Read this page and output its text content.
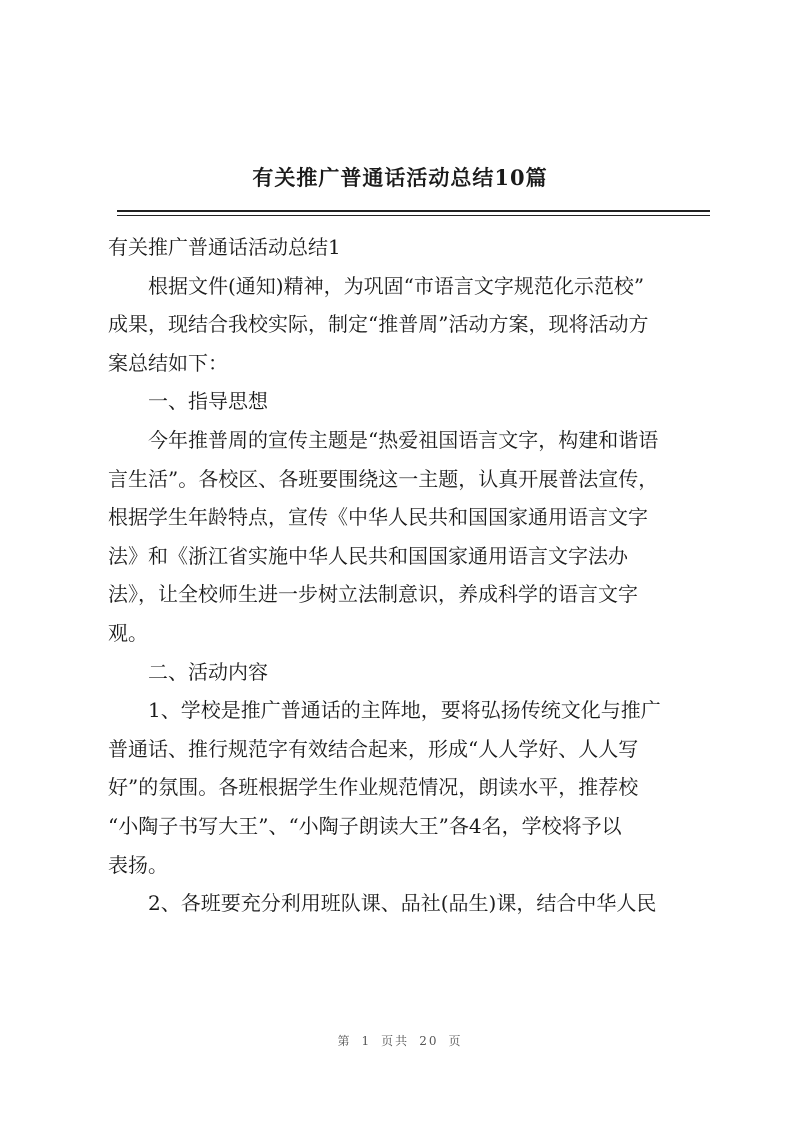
有关推广普通话活动总结10篇
有关推广普通话活动总结1
根据文件(通知)精神，为巩固“市语言文字规范化示范校”
成果，现结合我校实际，制定“推普周”活动方案，现将活动方
案总结如下：
一、指导思想
今年推普周的宣传主题是“热爱祖国语言文字，构建和谐语
言生活”。各校区、各班要围绕这一主题，认真开展普法宣传，
根据学生年龄特点，宣传《中华人民共和国国家通用语言文字
法》和《浙江省实施中华人民共和国国家通用语言文字法办
法》，让全校师生进一步树立法制意识，养成科学的语言文字
观。
二、活动内容
1、学校是推广普通话的主阵地，要将弘扬传统文化与推广
普通话、推行规范字有效结合起来，形成“人人学好、人人写
好”的氛围。各班根据学生作业规范情况，朗读水平，推荐校
“小陶子书写大王”、“小陶子朗读大王”各4名，学校将予以
表扬。
2、各班要充分利用班队课、品社(品生)课，结合中华人民
第 1 页共 20 页
